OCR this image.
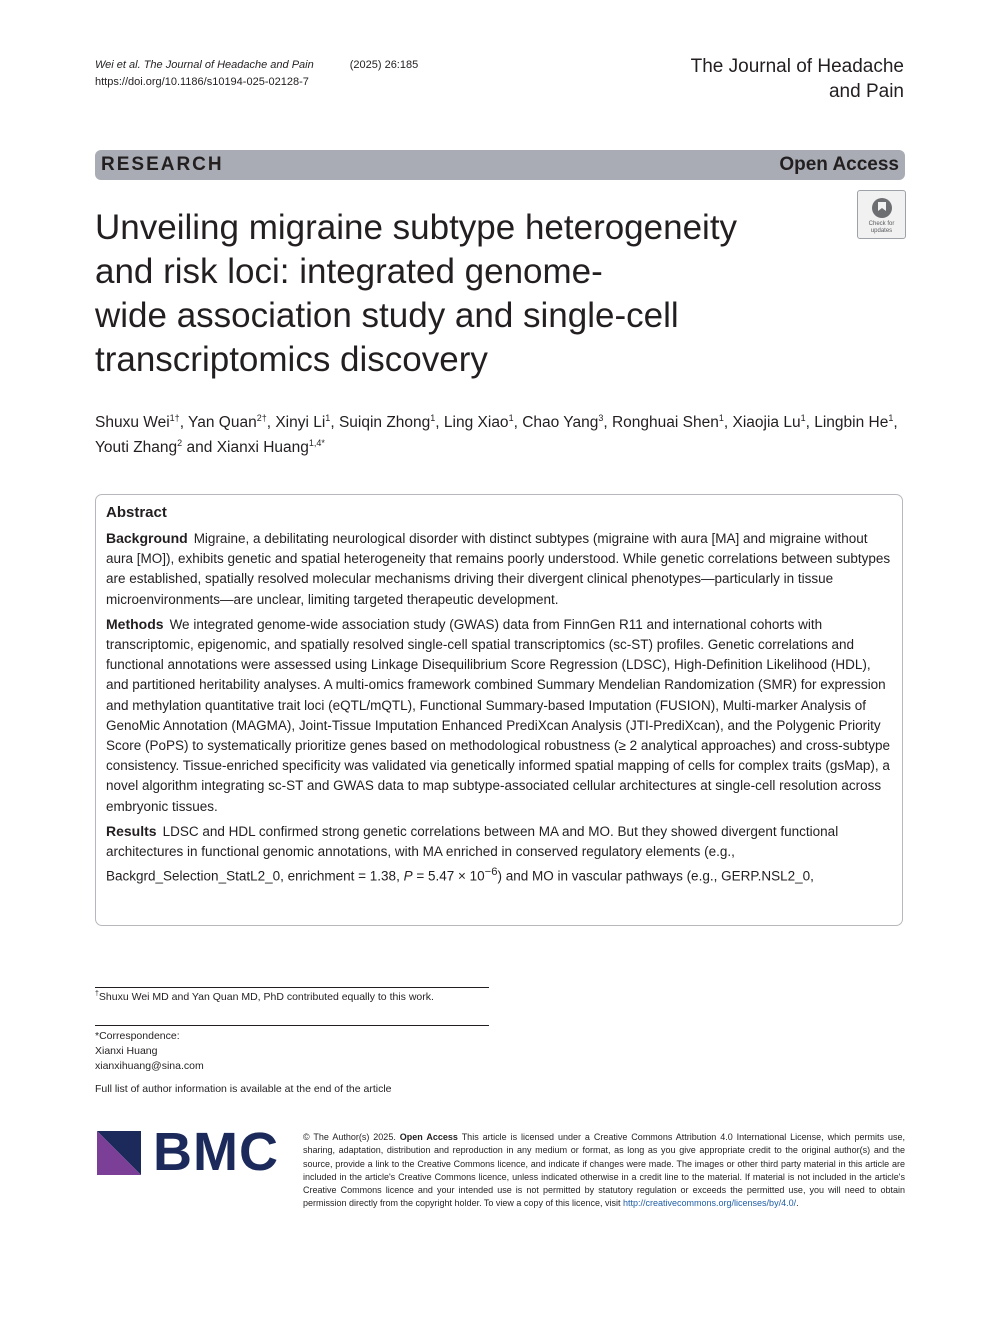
Wei et al. The Journal of Headache and Pain	(2025) 26:185
https://doi.org/10.1186/s10194-025-02128-7
The Journal of Headache
and Pain
RESEARCH	Open Access
Check for
updates
Unveiling migraine subtype heterogeneity
and risk loci: integrated genome-
wide association study and single-cell
transcriptomics discovery
Shuxu Wei$^{1\dagger}$, Yan Quan$^{2\dagger}$, Xinyi Li$^1$, Suiqin Zhong$^1$, Ling Xiao$^1$, Chao Yang$^3$, Ronghuai Shen$^1$, Xiaojia Lu$^1$, Lingbin He$^1$,
Youti Zhang$^2$ and Xianxi Huang$^{1,4*}$
Abstract

Background Migraine, a debilitating neurological disorder with distinct subtypes (migraine with aura [MA] and migraine without aura [MO]), exhibits genetic and spatial heterogeneity that remains poorly understood. While genetic correlations between subtypes are established, spatially resolved molecular mechanisms driving their divergent clinical phenotypes—particularly in tissue microenvironments—are unclear, limiting targeted therapeutic development.

Methods We integrated genome-wide association study (GWAS) data from FinnGen R11 and international cohorts with transcriptomic, epigenomic, and spatially resolved single-cell spatial transcriptomics (sc-ST) profiles. Genetic correlations and functional annotations were assessed using Linkage Disequilibrium Score Regression (LDSC), High-Definition Likelihood (HDL), and partitioned heritability analyses. A multi-omics framework combined Summary Mendelian Randomization (SMR) for expression and methylation quantitative trait loci (eQTL/mQTL), Functional Summary-based Imputation (FUSION), Multi-marker Analysis of GenoMic Annotation (MAGMA), Joint-Tissue Imputation Enhanced PrediXcan Analysis (JTI-PrediXcan), and the Polygenic Priority Score (PoPS) to systematically prioritize genes based on methodological robustness (≥ 2 analytical approaches) and cross-subtype consistency. Tissue-enriched specificity was validated via genetically informed spatial mapping of cells for complex traits (gsMap), a novel algorithm integrating sc-ST and GWAS data to map subtype-associated cellular architectures at single-cell resolution across embryonic tissues.

Results LDSC and HDL confirmed strong genetic correlations between MA and MO. But they showed divergent functional architectures in functional genomic annotations, with MA enriched in conserved regulatory elements (e.g., Backgrd_Selection_StatL2_0, enrichment = 1.38, $P = 5.47 \times 10^{-6}$) and MO in vascular pathways (e.g., GERP.NSL2_0,

†Shuxu Wei MD and Yan Quan MD, PhD contributed equally to this work.
*Correspondence:
Xianxi Huang
xianxihuang@sina.com
Full list of author information is available at the end of the article
BMC	© The Author(s) 2025. Open Access This article is licensed under a Creative Commons Attribution 4.0 International License, which permits use, sharing, adaptation, distribution and reproduction in any medium or format, as long as you give appropriate credit to the original author(s) and the source, provide a link to the Creative Commons licence, and indicate if changes were made. The images or other third party material in this article are included in the article's Creative Commons licence, unless indicated otherwise in a credit line to the material. If material is not included in the article's Creative Commons licence and your intended use is not permitted by statutory regulation or exceeds the permitted use, you will need to obtain permission directly from the copyright holder. To view a copy of this licence, visit http://creativecommons.org/licenses/by/4.0/.
